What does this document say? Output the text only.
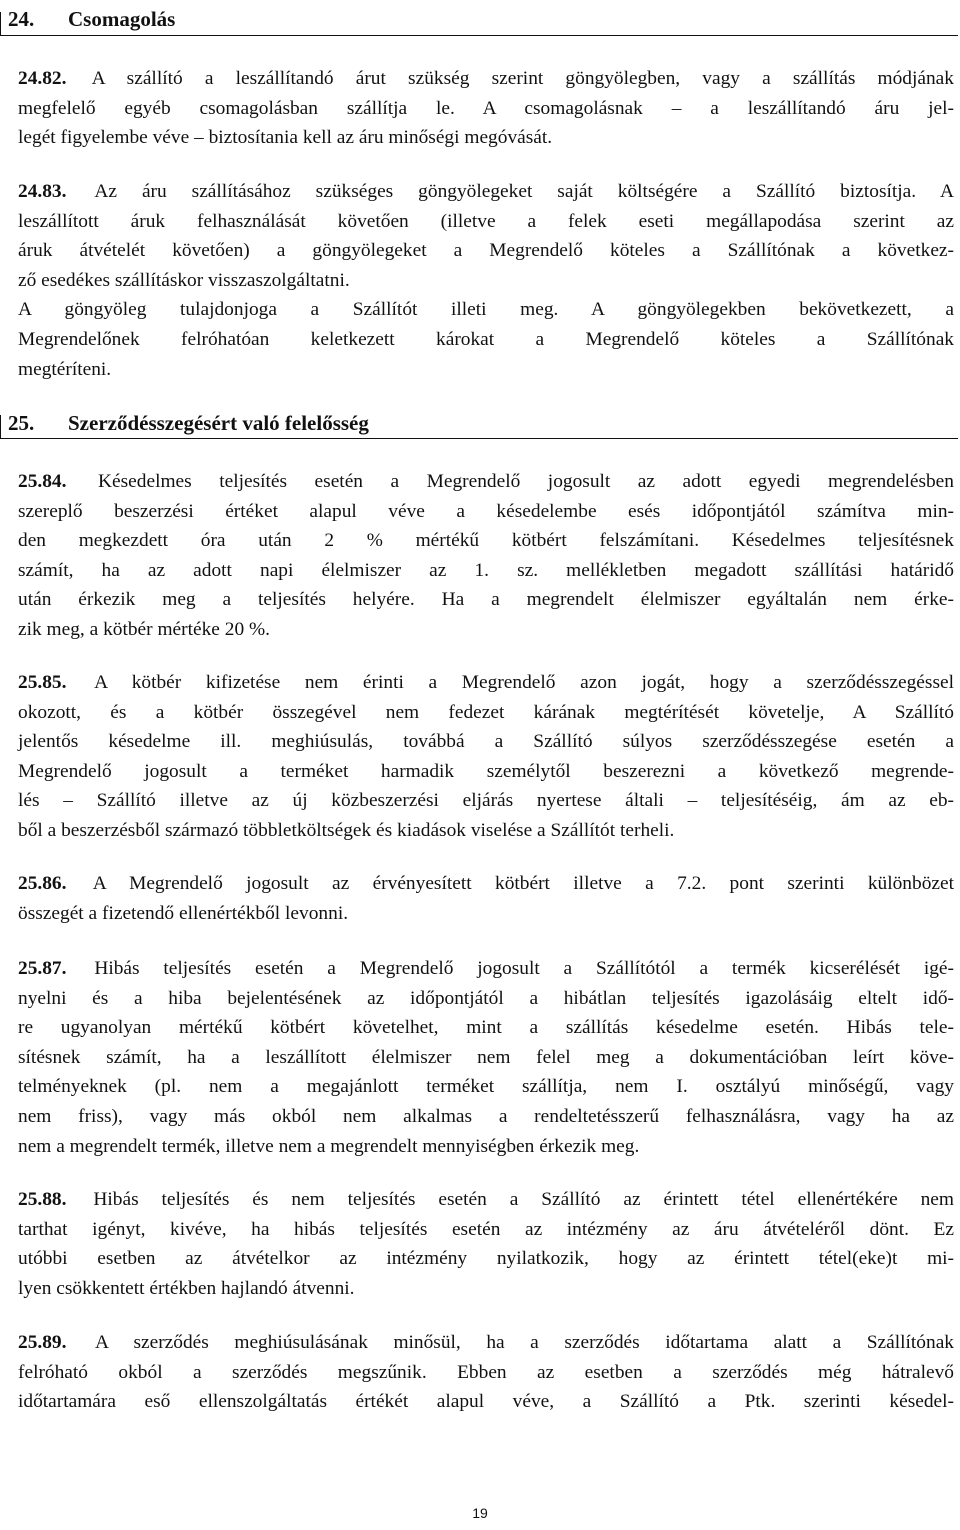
24. Csomagolás
24.82. A szállító a leszállítandó árut szükség szerint göngyölegben, vagy a szállítás módjának
megfelelő egyéb csomagolásban szállítja le. A csomagolásnak – a leszállítandó áru jel-
legét figyelembe véve – biztosítania kell az áru minőségi megóvását.
24.83. Az áru szállításához szükséges göngyölegeket saját költségére a Szállító biztosítja. A
leszállított áruk felhasználását követően (illetve a felek eseti megállapodása szerint az
áruk átvételét követően) a göngyölegeket a Megrendelő köteles a Szállítónak a következ-
ző esedékes szállításkor visszaszolgáltatni.
A göngyöleg tulajdonjoga a Szállítót illeti meg. A göngyölegekben bekövetkezett, a
Megrendelőnek felróhatóan keletkezett károkat a Megrendelő köteles a Szállítónak
megtéríteni.
25. Szerződésszegésért való felelősség
25.84. Késedelmes teljesítés esetén a Megrendelő jogosult az adott egyedi megrendelésben
szereplő beszerzési értéket alapul véve a késedelembe esés időpontjától számítva min-
den megkezdett óra után 2 % mértékű kötbért felszámítani. Késedelmes teljesítésnek
számít, ha az adott napi élelmiszer az 1. sz. mellékletben megadott szállítási határidő
után érkezik meg a teljesítés helyére. Ha a megrendelt élelmiszer egyáltalán nem érke-
zik meg, a kötbér mértéke 20 %.
25.85. A kötbér kifizetése nem érinti a Megrendelő azon jogát, hogy a szerződésszegéssel
okozott, és a kötbér összegével nem fedezet kárának megtérítését követelje, A Szállító
jelentős késedelme ill. meghiúsulás, továbbá a Szállító súlyos szerződésszegése esetén a
Megrendelő jogosult a terméket harmadik személytől beszerezni a következő megrende-
lés – Szállító illetve az új közbeszerzési eljárás nyertese általi – teljesítéséig, ám az eb-
ből a beszerzésből származó többletköltségek és kiadások viselése a Szállítót terheli.
25.86. A Megrendelő jogosult az érvényesített kötbért illetve a 7.2. pont szerinti különbözet
összegét a fizetendő ellenértékből levonni.
25.87. Hibás teljesítés esetén a Megrendelő jogosult a Szállítótól a termék kicserélését igé-
nyelni és a hiba bejelentésének az időpontjától a hibátlan teljesítés igazolásáig eltelt idő-
re ugyanolyan mértékű kötbért követelhet, mint a szállítás késedelme esetén. Hibás tele-
sítésnek számít, ha a leszállított élelmiszer nem felel meg a dokumentációban leírt köve-
telményeknek (pl. nem a megajánlott terméket szállítja, nem I. osztályú minőségű, vagy
nem friss), vagy más okból nem alkalmas a rendeltetésszerű felhasználásra, vagy ha az
nem a megrendelt termék, illetve nem a megrendelt mennyiségben érkezik meg.
25.88. Hibás teljesítés és nem teljesítés esetén a Szállító az érintett tétel ellenértékére nem
tarthat igényt, kivéve, ha hibás teljesítés esetén az intézmény az áru átvételéről dönt. Ez
utóbbi esetben az átvételkor az intézmény nyilatkozik, hogy az érintett tétel(eke)t mi-
lyen csökkentett értékben hajlandó átvenni.
25.89. A szerződés meghiúsulásának minősül, ha a szerződés időtartama alatt a Szállítónak
felróható okból a szerződés megszűnik. Ebben az esetben a szerződés még hátralevő
időtartamára eső ellenszolgáltatás értékét alapul véve, a Szállító a Ptk. szerinti késedel-
19
